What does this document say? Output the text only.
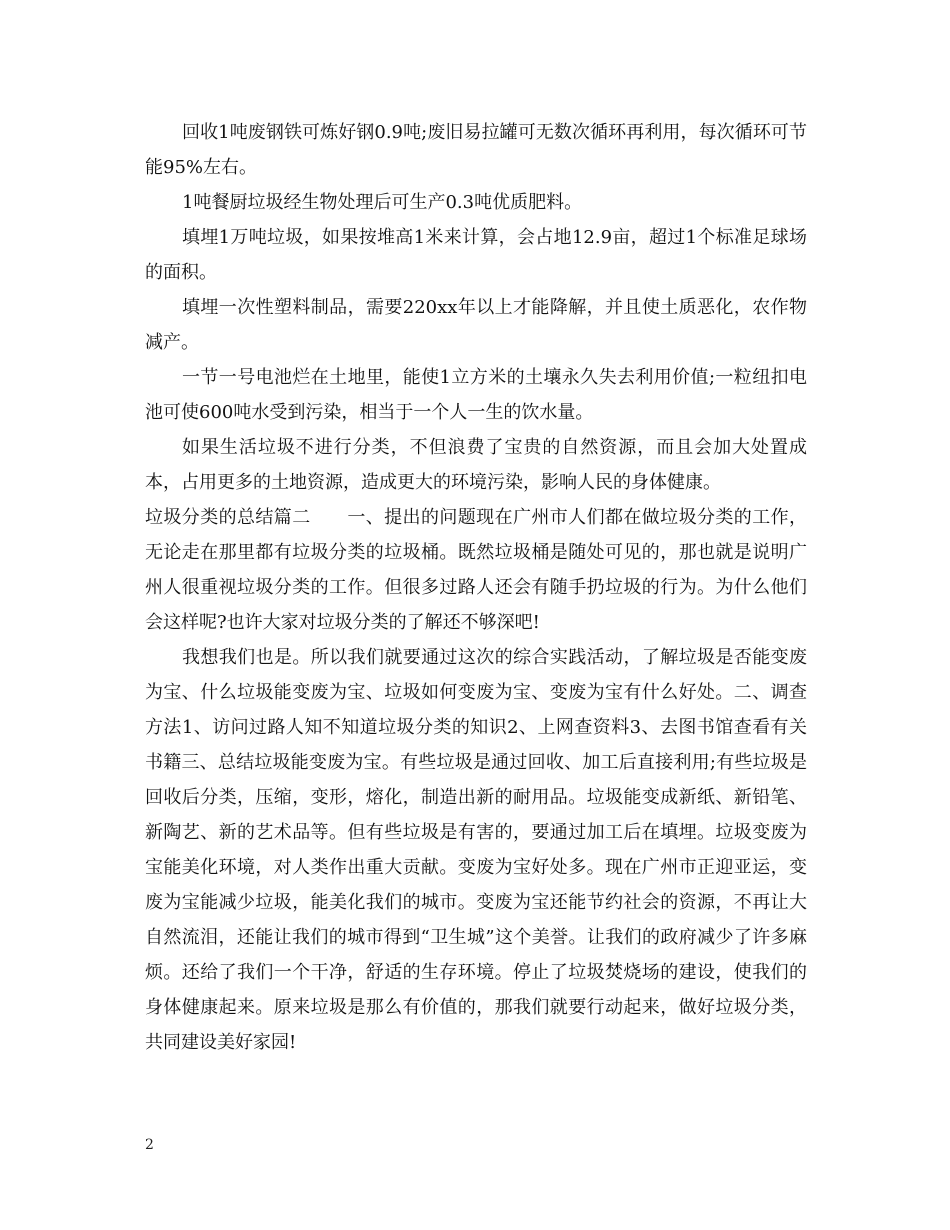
回收1吨废钢铁可炼好钢0.9吨;废旧易拉罐可无数次循环再利用，每次循环可节能95%左右。

1吨餐厨垃圾经生物处理后可生产0.3吨优质肥料。

填埋1万吨垃圾，如果按堆高1米来计算，会占地12.9亩，超过1个标准足球场的面积。

填埋一次性塑料制品，需要220xx年以上才能降解，并且使土质恶化，农作物减产。

一节一号电池烂在土地里，能使1立方米的土壤永久失去利用价值;一粒纽扣电池可使600吨水受到污染，相当于一个人一生的饮水量。

如果生活垃圾不进行分类，不但浪费了宝贵的自然资源，而且会加大处置成本，占用更多的土地资源，造成更大的环境污染，影响人民的身体健康。

垃圾分类的总结篇二      一、提出的问题现在广州市人们都在做垃圾分类的工作，无论走在那里都有垃圾分类的垃圾桶。既然垃圾桶是随处可见的，那也就是说明广州人很重视垃圾分类的工作。但很多过路人还会有随手扔垃圾的行为。为什么他们会这样呢?也许大家对垃圾分类的了解还不够深吧!

我想我们也是。所以我们就要通过这次的综合实践活动，了解垃圾是否能变废为宝、什么垃圾能变废为宝、垃圾如何变废为宝、变废为宝有什么好处。二、调查方法1、访问过路人知不知道垃圾分类的知识2、上网查资料3、去图书馆查看有关书籍三、总结垃圾能变废为宝。有些垃圾是通过回收、加工后直接利用;有些垃圾是回收后分类，压缩，变形，熔化，制造出新的耐用品。垃圾能变成新纸、新铅笔、新陶艺、新的艺术品等。但有些垃圾是有害的，要通过加工后在填埋。垃圾变废为宝能美化环境，对人类作出重大贡献。变废为宝好处多。现在广州市正迎亚运，变废为宝能减少垃圾，能美化我们的城市。变废为宝还能节约社会的资源，不再让大自然流泪，还能让我们的城市得到“卫生城”这个美誉。让我们的政府减少了许多麻烦。还给了我们一个干净，舒适的生存环境。停止了垃圾焚烧场的建设，使我们的身体健康起来。原来垃圾是那么有价值的，那我们就要行动起来，做好垃圾分类，共同建设美好家园!

2
